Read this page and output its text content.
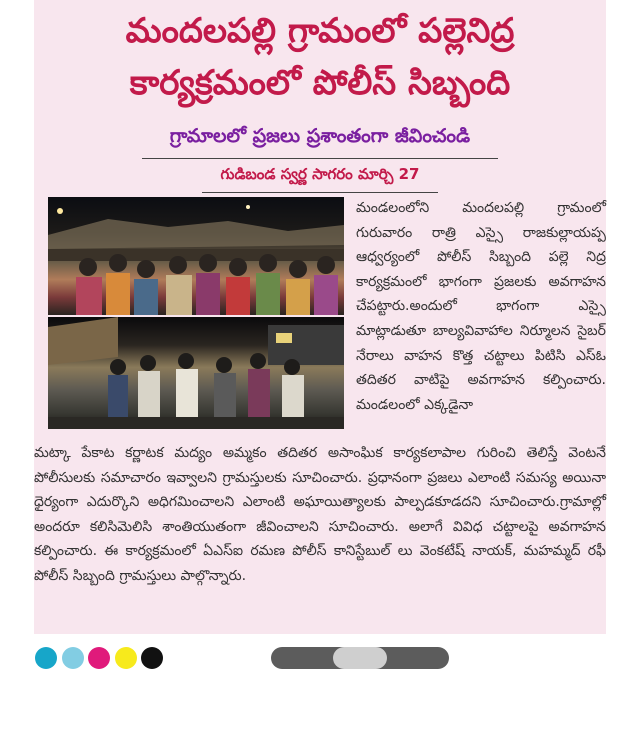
మందలపల్లి గ్రామంలో పల్లెనిద్ర
కార్యక్రమంలో పోలీస్ సిబ్బంది
గ్రామాలలో ప్రజలు ప్రశాంతంగా జీవించండి
గుడిబండ స్వర్ణ సాగరం మార్చి 27
మండలంలోని మందలపల్లి గ్రామంలో గురువారం రాత్రి ఎస్సై రాజకుల్లాయప్ప ఆధ్వర్యంలో పోలీస్ సిబ్బంది పల్లె నిద్ర కార్యక్రమంలో భాగంగా ప్రజలకు అవగాహన చేపట్టారు.అందులో భాగంగా ఎస్సై మాట్లాడుతూ బాల్యవివాహాల నిర్మూలన సైబర్ నేరాలు వాహన కొత్త చట్టాలు పిటిసి ఎస్ఓ తదితర వాటిపై అవగాహన కల్పించారు. మండలంలో ఎక్కడైనా
మట్కా పేకాట కర్ణాటక మద్యం అమ్మకం తదితర అసాంఘిక కార్యకలాపాల గురించి తెలిస్తే వెంటనే పోలీసులకు సమాచారం ఇవ్వాలని గ్రామస్తులకు సూచించారు. ప్రధానంగా ప్రజలు ఎలాంటి సమస్య అయినా ధైర్యంగా ఎదుర్కొని అధిగమించాలని ఎలాంటి అఘాయిత్యాలకు పాల్పడకూడదని సూచించారు.గ్రామాల్లో అందరూ కలిసిమెలిసి శాంతియుతంగా జీవించాలని సూచించారు. అలాగే వివిధ చట్టాలపై అవగాహన కల్పించారు. ఈ కార్యక్రమంలో ఏఎస్ఐ రమణ పోలీస్ కానిస్టేబుల్ లు వెంకటేష్ నాయక్, మహమ్మద్ రఫీ పోలీస్ సిబ్బంది గ్రామస్తులు పాల్గొన్నారు.
